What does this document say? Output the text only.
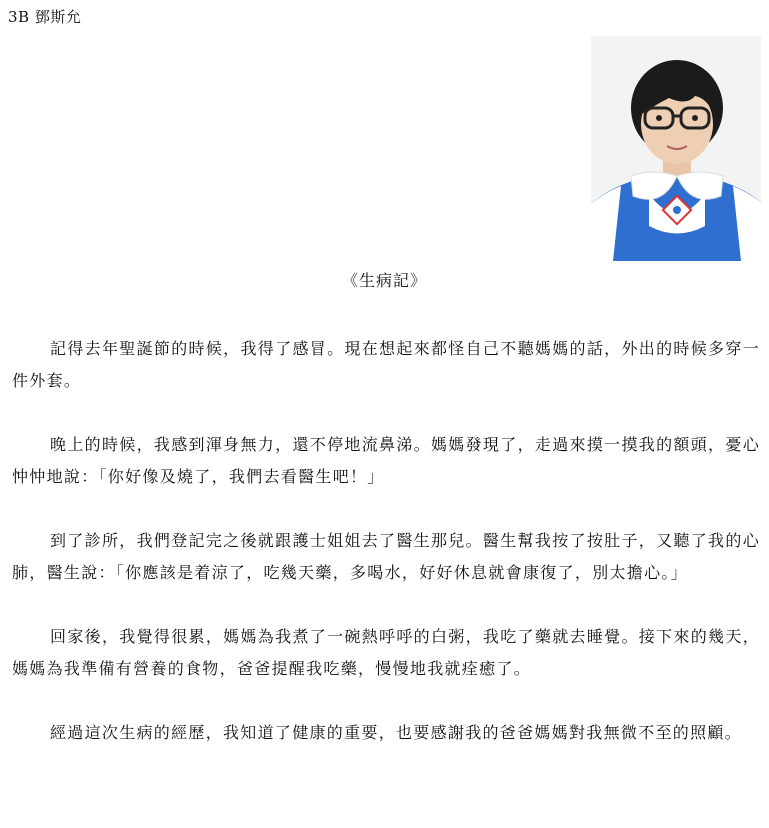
3B 鄧斯允
《生病記》

記得去年聖誕節的時候，我得了感冒。現在想起來都怪自己不聽媽媽的話，外出的時候多穿一件外套。

晚上的時候，我感到渾身無力，還不停地流鼻涕。媽媽發現了，走過來摸一摸我的額頭，憂心忡忡地說：「你好像及燒了，我們去看醫生吧！」

到了診所，我們登記完之後就跟護士姐姐去了醫生那兒。醫生幫我按了按肚子，又聽了我的心肺，醫生說：「你應該是着涼了，吃幾天藥，多喝水，好好休息就會康復了，別太擔心。」

回家後，我覺得很累，媽媽為我煮了一碗熱呼呼的白粥，我吃了藥就去睡覺。接下來的幾天，媽媽為我準備有營養的食物，爸爸提醒我吃藥，慢慢地我就痊癒了。

經過這次生病的經歷，我知道了健康的重要，也要感謝我的爸爸媽媽對我無微不至的照顧。
